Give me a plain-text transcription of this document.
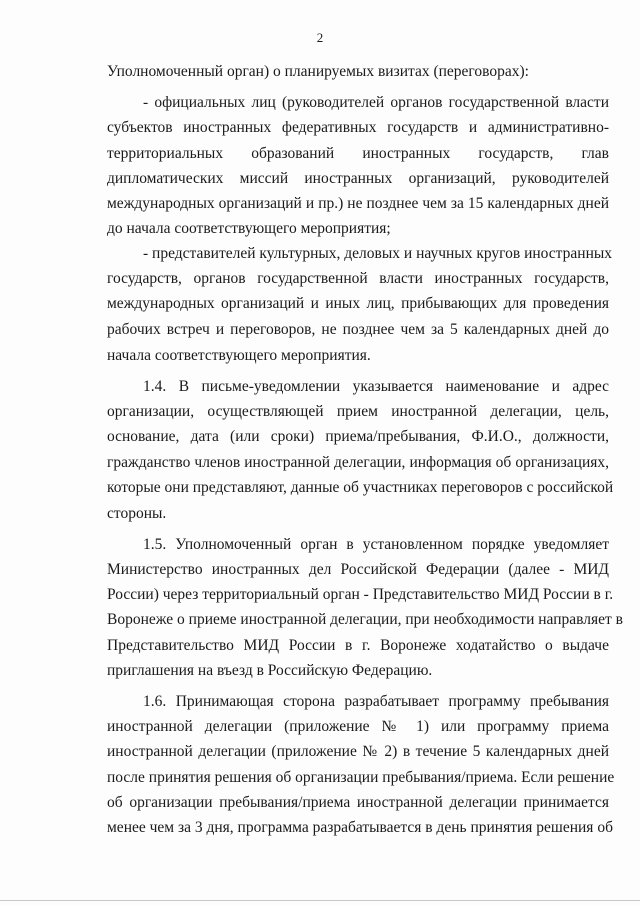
2
Уполномоченный орган) о планируемых визитах (переговорах):
- официальных лиц (руководителей органов государственной власти
субъектов иностранных федеративных государств и административно-
территориальных образований иностранных государств, глав
дипломатических миссий иностранных организаций, руководителей
международных организаций и пр.) не позднее чем за 15 календарных дней
до начала соответствующего мероприятия;
- представителей культурных, деловых и научных кругов иностранных
государств, органов государственной власти иностранных государств,
международных организаций и иных лиц, прибывающих для проведения
рабочих встреч и переговоров, не позднее чем за 5 календарных дней до
начала соответствующего мероприятия.
1.4. В письме-уведомлении указывается наименование и адрес
организации, осуществляющей прием иностранной делегации, цель,
основание, дата (или сроки) приема/пребывания, Ф.И.О., должности,
гражданство членов иностранной делегации, информация об организациях,
которые они представляют, данные об участниках переговоров с российской
стороны.
1.5. Уполномоченный орган в установленном порядке уведомляет
Министерство иностранных дел Российской Федерации (далее - МИД
России) через территориальный орган - Представительство МИД России в г.
Воронеже о приеме иностранной делегации, при необходимости направляет в
Представительство МИД России в г. Воронеже ходатайство о выдаче
приглашения на въезд в Российскую Федерацию.
1.6. Принимающая сторона разрабатывает программу пребывания
иностранной делегации (приложение № 1) или программу приема
иностранной делегации (приложение № 2) в течение 5 календарных дней
после принятия решения об организации пребывания/приема. Если решение
об организации пребывания/приема иностранной делегации принимается
менее чем за 3 дня, программа разрабатывается в день принятия решения об
